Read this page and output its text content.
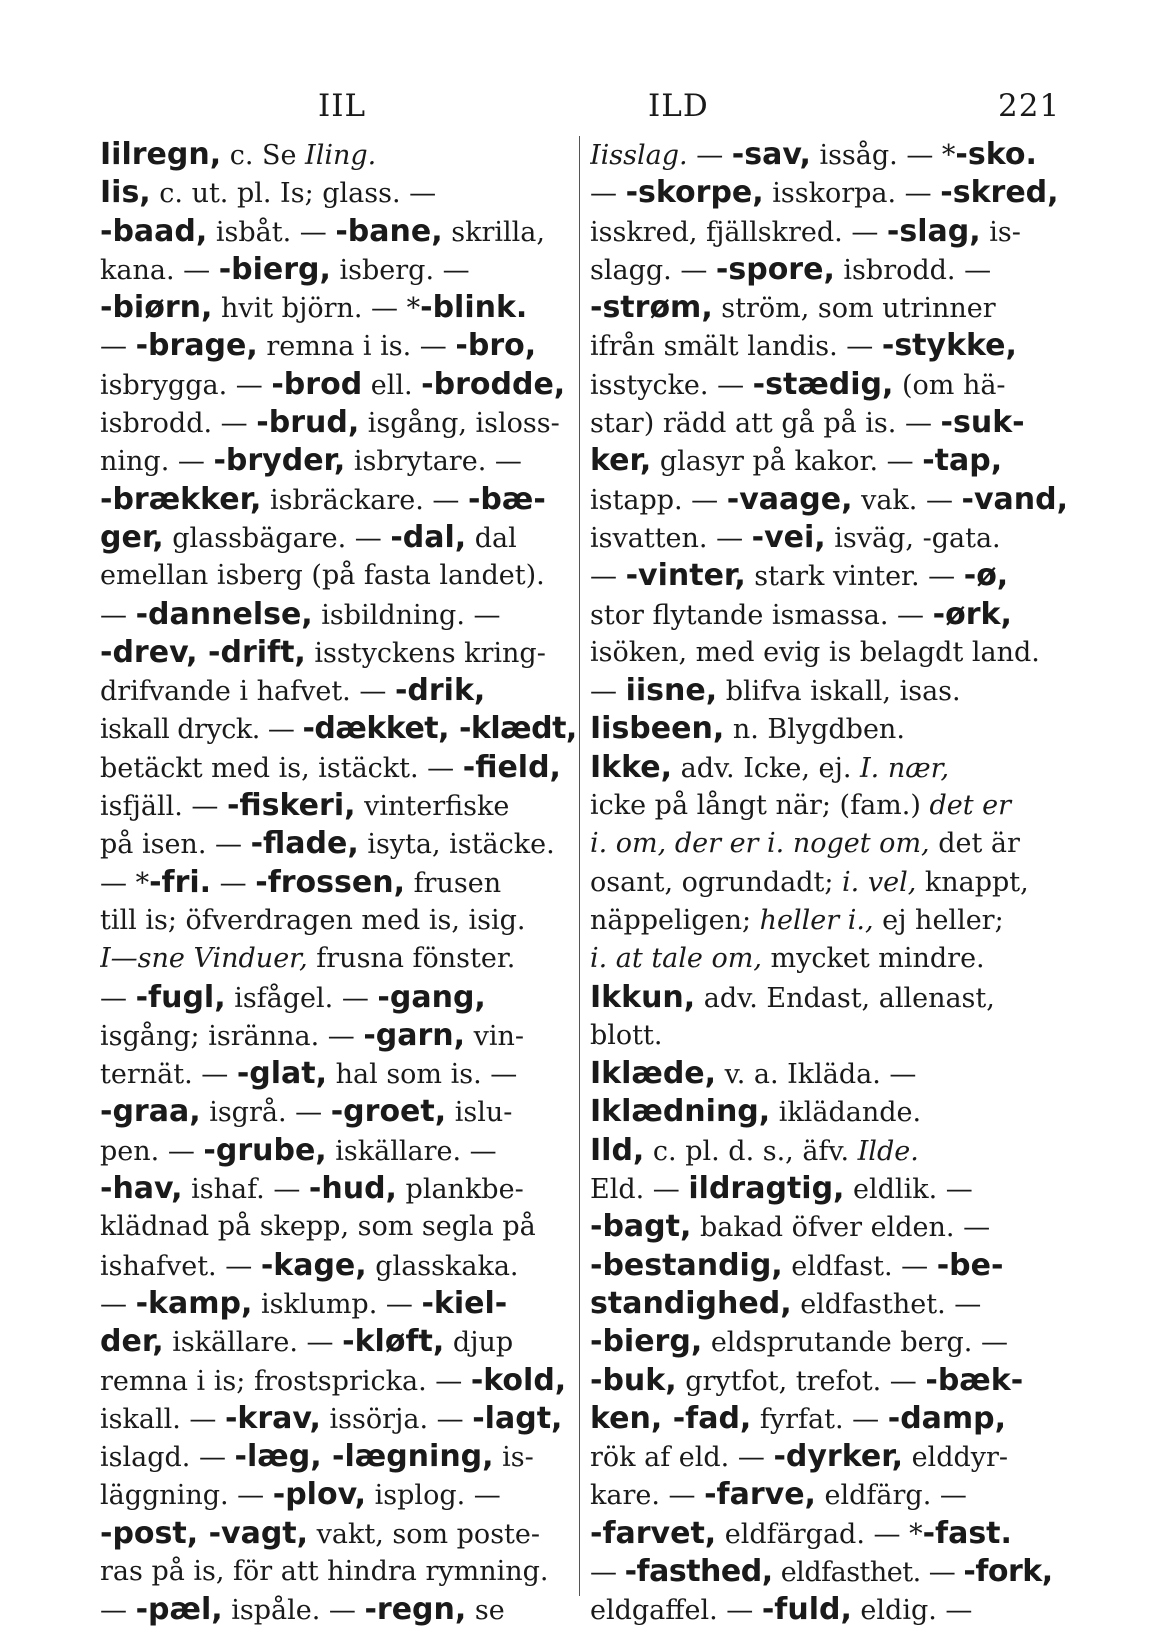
IIL	ILD	221
Iilregn, c. Se Iling.
Iis, c. ut. pl. Is; glass. —
-baad, isbåt. — -bane, skrilla,
kana. — -bierg, isberg. —
-biørn, hvit björn. — *-blink.
— -brage, remna i is. — -bro,
isbrygga. — -brod ell. -brodde,
isbrodd. — -brud, isgång, isloss-
ning. — -bryder, isbrytare. —
-brækker, isbräckare. — -bæ-
ger, glassbägare. — -dal, dal
emellan isberg (på fasta landet).
— -dannelse, isbildning. —
-drev, -drift, isstyckens kring-
drifvande i hafvet. — -drik,
iskall dryck. — -dækket, -klædt,
betäckt med is, istäckt. — -field,
isfjäll. — -fiskeri, vinterfiske
på isen. — -flade, isyta, istäcke.
— *-fri. — -frossen, frusen
till is; öfverdragen med is, isig.
I—sne Vinduer, frusna fönster.
— -fugl, isfågel. — -gang,
isgång; isränna. — -garn, vin-
ternät. — -glat, hal som is. —
-graa, isgrå. — -groet, islu-
pen. — -grube, iskällare. —
-hav, ishaf. — -hud, plankbe-
klädnad på skepp, som segla på
ishafvet. — -kage, glasskaka.
— -kamp, isklump. — -kiel-
der, iskällare. — -kløft, djup
remna i is; frostspricka. — -kold,
iskall. — -krav, issörja. — -lagt,
islagd. — -læg, -lægning, is-
läggning. — -plov, isplog. —
-post, -vagt, vakt, som poste-
ras på is, för att hindra rymning.
— -pæl, ispåle. — -regn, se
Iisslag. — -sav, issåg. — *-sko.
— -skorpe, isskorpa. — -skred,
isskred, fjällskred. — -slag, is-
slagg. — -spore, isbrodd. —
-strøm, ström, som utrinner
ifrån smält landis. — -stykke,
isstycke. — -stædig, (om hä-
star) rädd att gå på is. — -suk-
ker, glasyr på kakor. — -tap,
istapp. — -vaage, vak. — -vand,
isvatten. — -vei, isväg, -gata.
— -vinter, stark vinter. — -ø,
stor flytande ismassa. — -ørk,
isöken, med evig is belagdt land.
— iisne, blifva iskall, isas.
Iisbeen, n. Blygdben.
Ikke, adv. Icke, ej. I. nær,
icke på långt när; (fam.) det er
i. om, der er i. noget om, det är
osant, ogrundadt; i. vel, knappt,
näppeligen; heller i., ej heller;
i. at tale om, mycket mindre.
Ikkun, adv. Endast, allenast,
blott.
Iklæde, v. a. Ikläda. —
Iklædning, iklädande.
Ild, c. pl. d. s., äfv. Ilde.
Eld. — ildragtig, eldlik. —
-bagt, bakad öfver elden. —
-bestandig, eldfast. — -be-
standighed, eldfasthet. —
-bierg, eldsprutande berg. —
-buk, grytfot, trefot. — -bæk-
ken, -fad, fyrfat. — -damp,
rök af eld. — -dyrker, elddyr-
kare. — -farve, eldfärg. —
-farvet, eldfärgad. — *-fast.
— -fasthed, eldfasthet. — -fork,
eldgaffel. — -fuld, eldig. —
